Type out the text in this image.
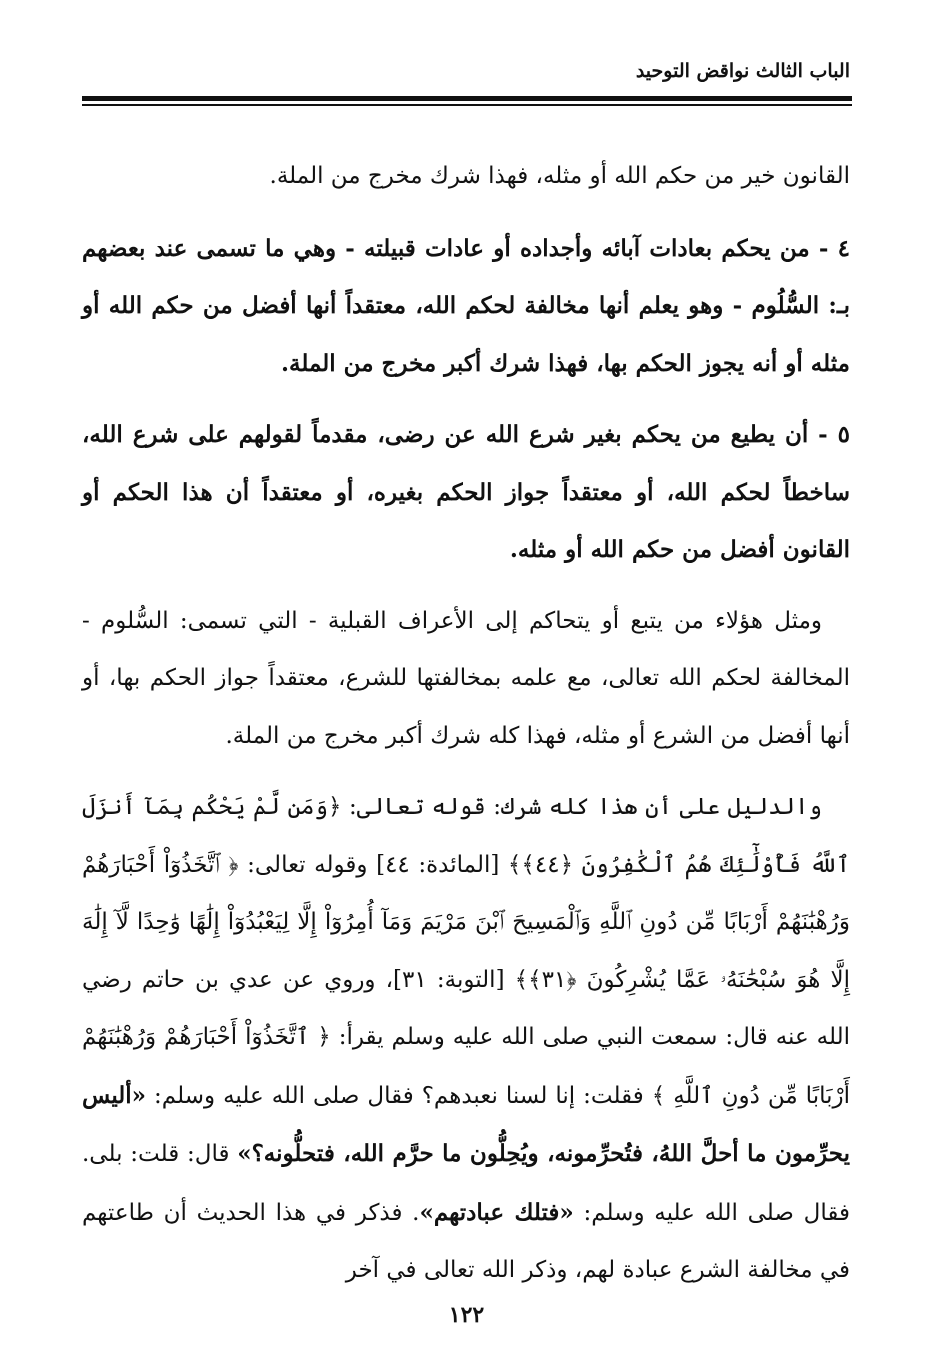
الباب الثالث نواقض التوحيد

القانون خير من حكم الله أو مثله، فهذا شرك مخرج من الملة.

٤ - من يحكم بعادات آبائه وأجداده أو عادات قبيلته - وهي ما تسمى عند بعضهم بـ: السُّلُوم - وهو يعلم أنها مخالفة لحكم الله، معتقداً أنها أفضل من حكم الله أو مثله أو أنه يجوز الحكم بها، فهذا شرك أكبر مخرج من الملة.

٥ - أن يطيع من يحكم بغير شرع الله عن رضى، مقدماً لقولهم على شرع الله، ساخطاً لحكم الله، أو معتقداً جواز الحكم بغيره، أو معتقداً أن هذا الحكم أو القانون أفضل من حكم الله أو مثله.

ومثل هؤلاء من يتبع أو يتحاكم إلى الأعراف القبلية - التي تسمى: السُّلوم - المخالفة لحكم الله تعالى، مع علمه بمخالفتها للشرع، معتقداً جواز الحكم بها، أو أنها أفضل من الشرع أو مثله، فهذا كله شرك أكبر مخرج من الملة.

والدليل على أن هذا كله شرك: قوله تعالى: ﴿وَمَن لَّمْ يَحْكُم بِمَآ أَنزَلَ ٱللَّهُ فَأُوْلَٰٓئِكَ هُمُ ٱلْكَٰفِرُونَ ﴿٤٤﴾﴾ [المائدة: ٤٤] وقوله تعالى: ﴿ ٱتَّخَذُوٓاْ أَحْبَارَهُمْ وَرُهْبَٰنَهُمْ أَرْبَابًا مِّن دُونِ ٱللَّهِ وَٱلْمَسِيحَ ٱبْنَ مَرْيَمَ وَمَآ أُمِرُوٓاْ إِلَّا لِيَعْبُدُوٓاْ إِلَٰهًا وَٰحِدًا لَّآ إِلَٰهَ إِلَّا هُوَ سُبْحَٰنَهُۥ عَمَّا يُشْرِكُونَ ﴿٣١﴾﴾ [التوبة: ٣١]، وروي عن عدي بن حاتم رضي الله عنه قال: سمعت النبي صلى الله عليه وسلم يقرأ: ﴿ ٱتَّخَذُوٓاْ أَحْبَارَهُمْ وَرُهْبَٰنَهُمْ أَرْبَابًا مِّن دُونِ ٱللَّهِ ﴾ فقلت: إنا لسنا نعبدهم؟ فقال صلى الله عليه وسلم: «أليس يحرِّمون ما أحلَّ اللهُ، فتُحرِّمونه، ويُحِلُّون ما حرَّم الله، فتحلُّونه؟» قال: قلت: بلى. فقال صلى الله عليه وسلم: «فتلك عبادتهم». فذكر في هذا الحديث أن طاعتهم في مخالفة الشرع عبادة لهم، وذكر الله تعالى في آخر

١٢٢
